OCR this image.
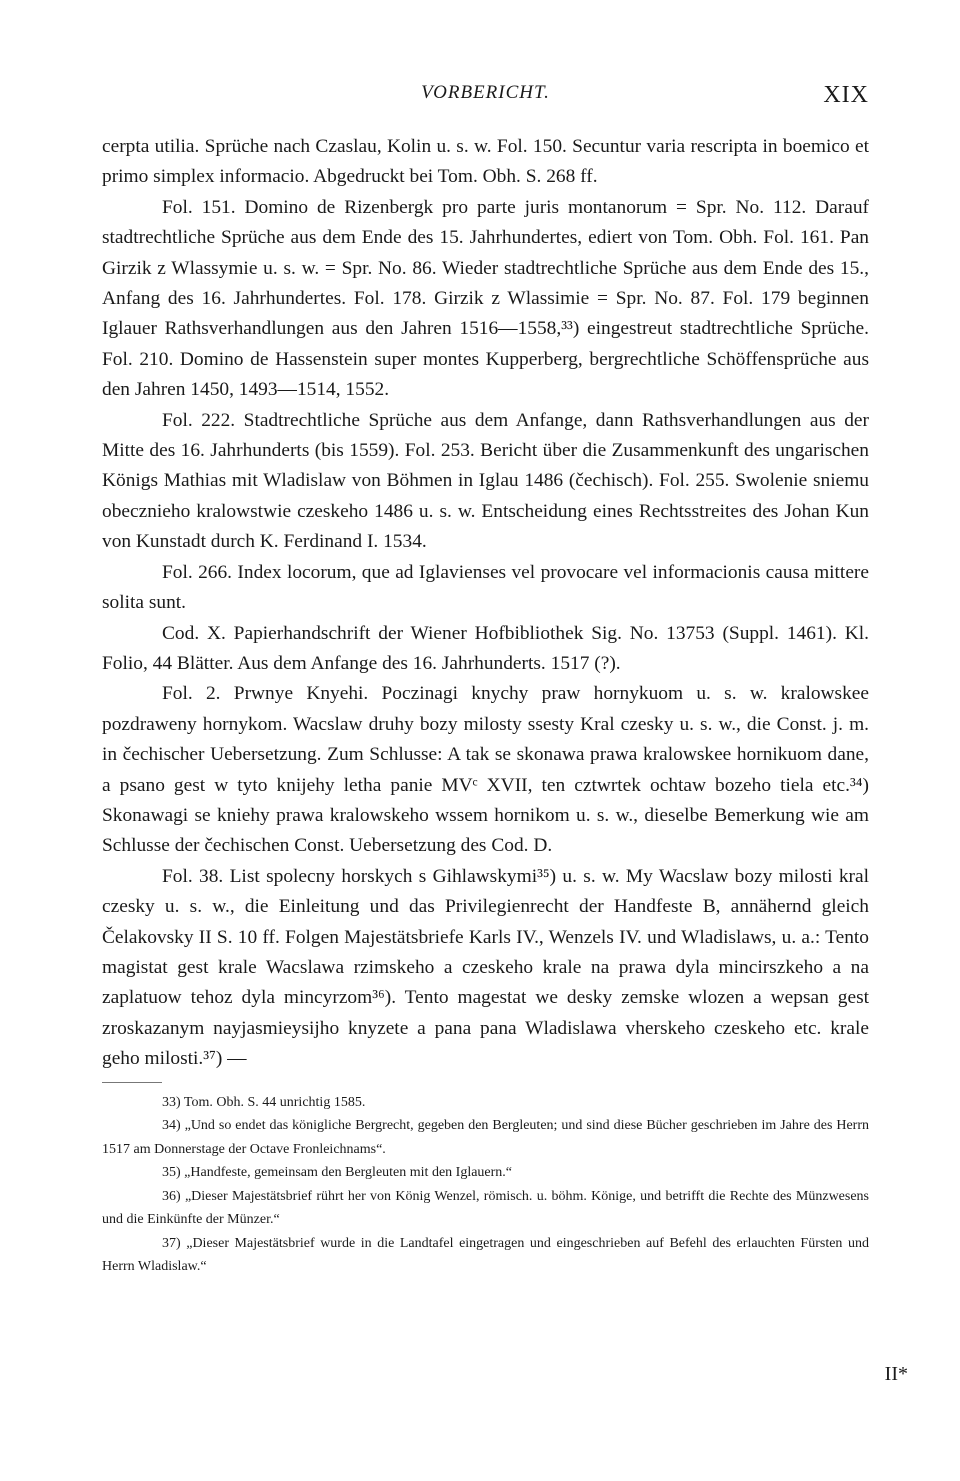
VORBERICHT.	XIX

cerpta utilia. Sprüche nach Czaslau, Kolin u. s. w. Fol. 150. Secuntur varia rescripta in boemico et primo simplex informacio. Abgedruckt bei Tom. Obh. S. 268 ff.

Fol. 151. Domino de Rizenbergk pro parte juris montanorum = Spr. No. 112. Darauf stadtrechtliche Sprüche aus dem Ende des 15. Jahrhundertes, ediert von Tom. Obh. Fol. 161. Pan Girzik z Wlassymie u. s. w. = Spr. No. 86. Wieder stadtrechtliche Sprüche aus dem Ende des 15., Anfang des 16. Jahrhundertes. Fol. 178. Girzik z Wlassimie = Spr. No. 87. Fol. 179 beginnen Iglauer Rathsverhandlungen aus den Jahren 1516—1558,³³) eingestreut stadtrechtliche Sprüche. Fol. 210. Domino de Hassenstein super montes Kupperberg, bergrechtliche Schöffensprüche aus den Jahren 1450, 1493—1514, 1552.

Fol. 222. Stadtrechtliche Sprüche aus dem Anfange, dann Rathsverhandlungen aus der Mitte des 16. Jahrhunderts (bis 1559). Fol. 253. Bericht über die Zusammenkunft des ungarischen Königs Mathias mit Wladislaw von Böhmen in Iglau 1486 (čechisch). Fol. 255. Swolenie sniemu obecznieho kralowstwie czeskeho 1486 u. s. w. Entscheidung eines Rechtsstreites des Johan Kun von Kunstadt durch K. Ferdinand I. 1534.

Fol. 266. Index locorum, que ad Iglavienses vel provocare vel informacionis causa mittere solita sunt.

Cod. X. Papierhandschrift der Wiener Hofbibliothek Sig. No. 13753 (Suppl. 1461). Kl. Folio, 44 Blätter. Aus dem Anfange des 16. Jahrhunderts. 1517 (?).

Fol. 2. Prwnye Knyehi. Poczinagi knychy praw hornykuom u. s. w. kralowskee pozdraweny hornykom. Wacslaw druhy bozy milosty ssesty Kral czesky u. s. w., die Const. j. m. in čechischer Uebersetzung. Zum Schlusse: A tak se skonawa prawa kralowskee hornikuom dane, a psano gest w tyto knijehy letha panie MVᶜ XVII, ten cztwrtek ochtaw bozeho tiela etc.³⁴) Skonawagi se kniehy prawa kralowskeho wssem hornikom u. s. w., dieselbe Bemerkung wie am Schlusse der čechischen Const. Uebersetzung des Cod. D.

Fol. 38. List spolecny horskych s Gihlawskymi³⁵) u. s. w. My Wacslaw bozy milosti kral czesky u. s. w., die Einleitung und das Privilegienrecht der Handfeste B, annähernd gleich Čelakovsky II S. 10 ff. Folgen Majestätsbriefe Karls IV., Wenzels IV. und Wladislaws, u. a.: Tento magistat gest krale Wacslawa rzimskeho a czeskeho krale na prawa dyla mincirszkeho a na zaplatuow tehoz dyla mincyrzom³⁶). Tento magestat we desky zemske wlozen a wepsan gest zroskazanym nayjasmieysijho knyzete a pana pana Wladislawa vherskeho czeskeho etc. krale geho milosti.³⁷) —

33) Tom. Obh. S. 44 unrichtig 1585.

34) „Und so endet das königliche Bergrecht, gegeben den Bergleuten; und sind diese Bücher geschrieben im Jahre des Herrn 1517 am Donnerstage der Octave Fronleichnams“.

35) „Handfeste, gemeinsam den Bergleuten mit den Iglauern.“

36) „Dieser Majestätsbrief rührt her von König Wenzel, römisch. u. böhm. Könige, und betrifft die Rechte des Münzwesens und die Einkünfte der Münzer.“

37) „Dieser Majestätsbrief wurde in die Landtafel eingetragen und eingeschrieben auf Befehl des erlauchten Fürsten und Herrn Wladislaw.“

II*
